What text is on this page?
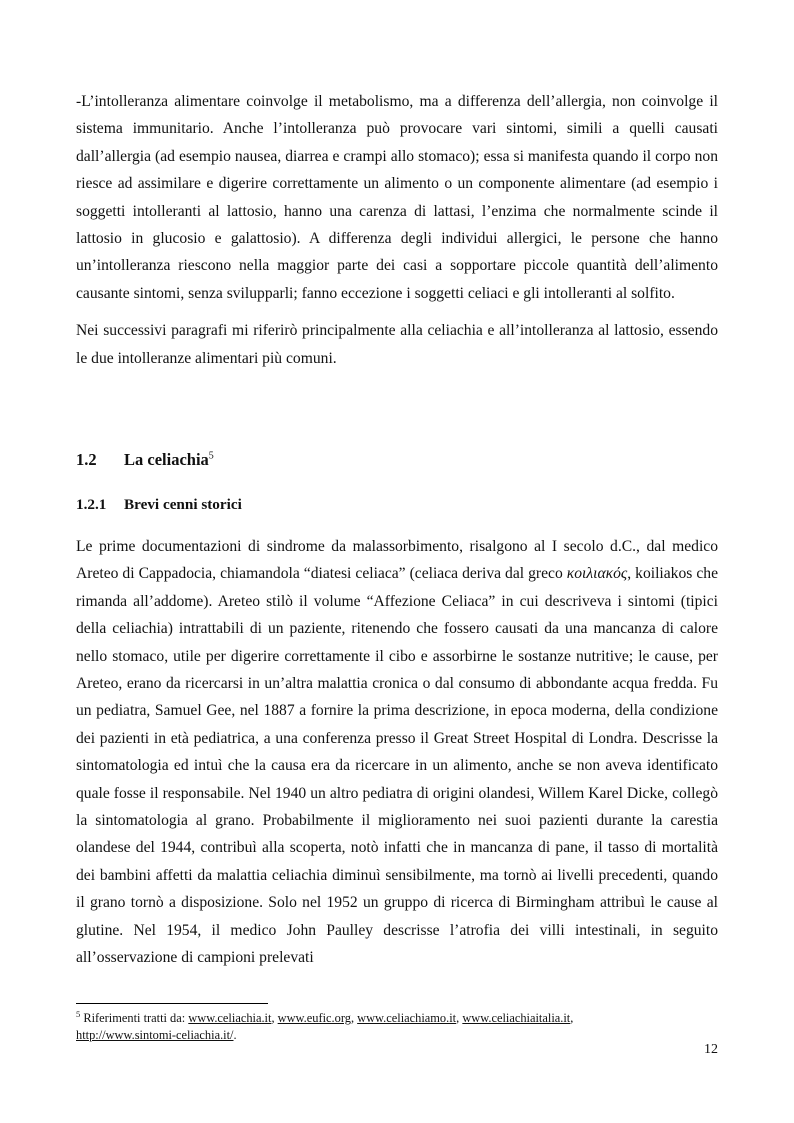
-L’intolleranza alimentare coinvolge il metabolismo, ma a differenza dell’allergia, non coinvolge il sistema immunitario. Anche l’intolleranza può provocare vari sintomi, simili a quelli causati dall’allergia (ad esempio nausea, diarrea e crampi allo stomaco); essa si manifesta quando il corpo non riesce ad assimilare e digerire correttamente un alimento o un componente alimentare (ad esempio i soggetti intolleranti al lattosio, hanno una carenza di lattasi, l’enzima che normalmente scinde il lattosio in glucosio e galattosio). A differenza degli individui allergici, le persone che hanno un’intolleranza riescono nella maggior parte dei casi a sopportare piccole quantità dell’alimento causante sintomi, senza svilupparli; fanno eccezione i soggetti celiaci e gli intolleranti al solfito.

Nei successivi paragrafi mi riferirò principalmente alla celiachia e all’intolleranza al lattosio, essendo le due intolleranze alimentari più comuni.

1.2	La celiachia$^5$
1.2.1	Brevi cenni storici

Le prime documentazioni di sindrome da malassorbimento, risalgono al I secolo d.C., dal medico Areteo di Cappadocia, chiamandola “diatesi celiaca” (celiaca deriva dal greco κοιλιακός, koiliakos che rimanda all’addome). Areteo stilò il volume “Affezione Celiaca” in cui descriveva i sintomi (tipici della celiachia) intrattabili di un paziente, ritenendo che fossero causati da una mancanza di calore nello stomaco, utile per digerire correttamente il cibo e assorbirne le sostanze nutritive; le cause, per Areteo, erano da ricercarsi in un’altra malattia cronica o dal consumo di abbondante acqua fredda. Fu un pediatra, Samuel Gee, nel 1887 a fornire la prima descrizione, in epoca moderna, della condizione dei pazienti in età pediatrica, a una conferenza presso il Great Street Hospital di Londra. Descrisse la sintomatologia ed intuì che la causa era da ricercare in un alimento, anche se non aveva identificato quale fosse il responsabile. Nel 1940 un altro pediatra di origini olandesi, Willem Karel Dicke, collegò la sintomatologia al grano. Probabilmente il miglioramento nei suoi pazienti durante la carestia olandese del 1944, contribuì alla scoperta, notò infatti che in mancanza di pane, il tasso di mortalità dei bambini affetti da malattia celiachia diminuì sensibilmente, ma tornò ai livelli precedenti, quando il grano tornò a disposizione. Solo nel 1952 un gruppo di ricerca di Birmingham attribuì le cause al glutine. Nel 1954, il medico John Paulley descrisse l’atrofia dei villi intestinali, in seguito all’osservazione di campioni prelevati

$^5$ Riferimenti tratti da: www.celiachia.it, www.eufic.org, www.celiachiamo.it, www.celiachiaitalia.it,
http://www.sintomi-celiachia.it/.
12
